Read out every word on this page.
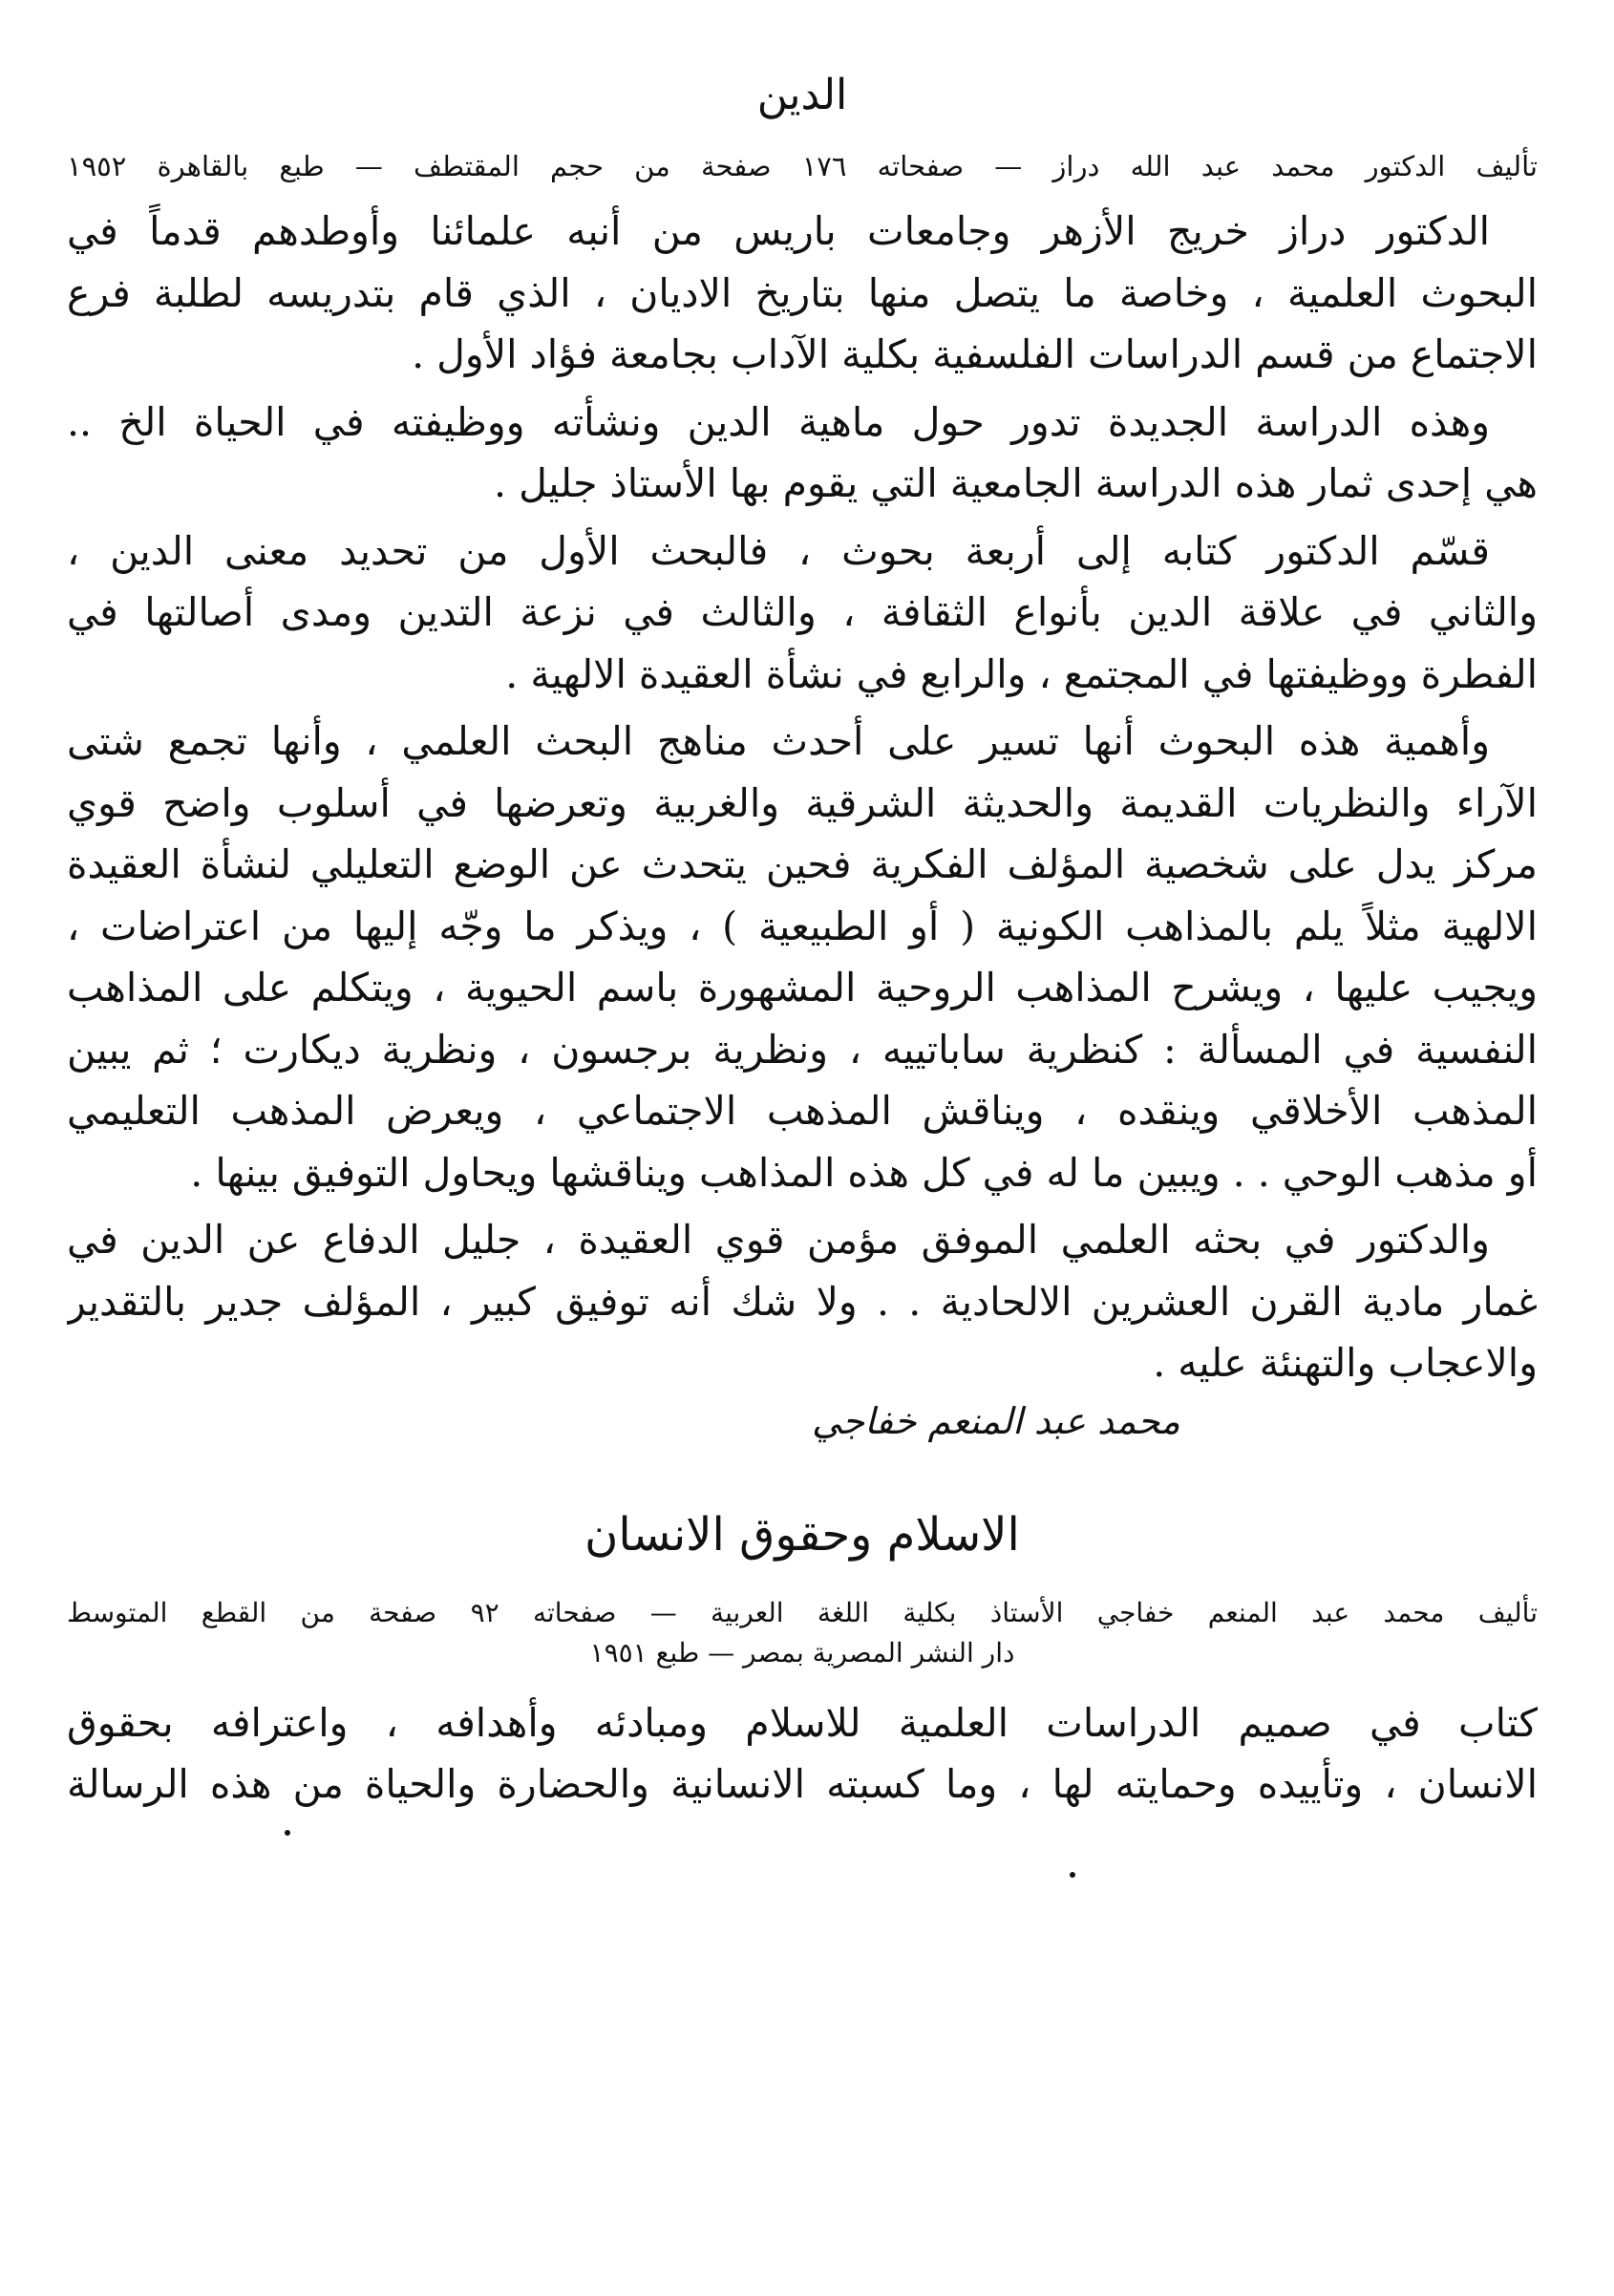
الدين
تأليف الدكتور محمد عبد الله دراز — صفحاته ١٧٦ صفحة من حجم المقتطف — طبع بالقاهرة ١٩٥٢
الدكتور دراز خريج الأزهر وجامعات باريس من أنبه علمائنا وأوطدهم قدماً في
البحوث العلمية ، وخاصة ما يتصل منها بتاريخ الاديان ، الذي قام بتدريسه لطلبة فرع
الاجتماع من قسم الدراسات الفلسفية بكلية الآداب بجامعة فؤاد الأول .
وهذه الدراسة الجديدة تدور حول ماهية الدين ونشأته ووظيفته في الحياة الخ ..
هي إحدى ثمار هذه الدراسة الجامعية التي يقوم بها الأستاذ جليل .
قسّم الدكتور كتابه إلى أربعة بحوث ، فالبحث الأول من تحديد معنى الدين ،
والثاني في علاقة الدين بأنواع الثقافة ، والثالث في نزعة التدين ومدى أصالتها في
الفطرة ووظيفتها في المجتمع ، والرابع في نشأة العقيدة الالهية .
وأهمية هذه البحوث أنها تسير على أحدث مناهج البحث العلمي ، وأنها تجمع شتى
الآراء والنظريات القديمة والحديثة الشرقية والغربية وتعرضها في أسلوب واضح قوي
مركز يدل على شخصية المؤلف الفكرية فحين يتحدث عن الوضع التعليلي لنشأة العقيدة
الالهية مثلاً يلم بالمذاهب الكونية ( أو الطبيعية ) ، ويذكر ما وجّه إليها من اعتراضات ،
ويجيب عليها ، ويشرح المذاهب الروحية المشهورة باسم الحيوية ، ويتكلم على المذاهب
النفسية في المسألة : كنظرية ساباتييه ، ونظرية برجسون ، ونظرية ديكارت ؛ ثم يبين
المذهب الأخلاقي وينقده ، ويناقش المذهب الاجتماعي ، ويعرض المذهب التعليمي
أو مذهب الوحي . . ويبين ما له في كل هذه المذاهب ويناقشها ويحاول التوفيق بينها .
والدكتور في بحثه العلمي الموفق مؤمن قوي العقيدة ، جليل الدفاع عن الدين في
غمار مادية القرن العشرين الالحادية . . ولا شك أنه توفيق كبير ، المؤلف جدير بالتقدير
والاعجاب والتهنئة عليه .
محمد عبد المنعم خفاجي
الاسلام وحقوق الانسان
تأليف محمد عبد المنعم خفاجي الأستاذ بكلية اللغة العربية — صفحاته ٩٢ صفحة من القطع المتوسط
دار النشر المصرية بمصر — طبع ١٩٥١
كتاب في صميم الدراسات العلمية للاسلام ومبادئه وأهدافه ، واعترافه بحقوق
الانسان ، وتأييده وحمايته لها ، وما كسبته الانسانية والحضارة والحياة من هذه الرسالة
